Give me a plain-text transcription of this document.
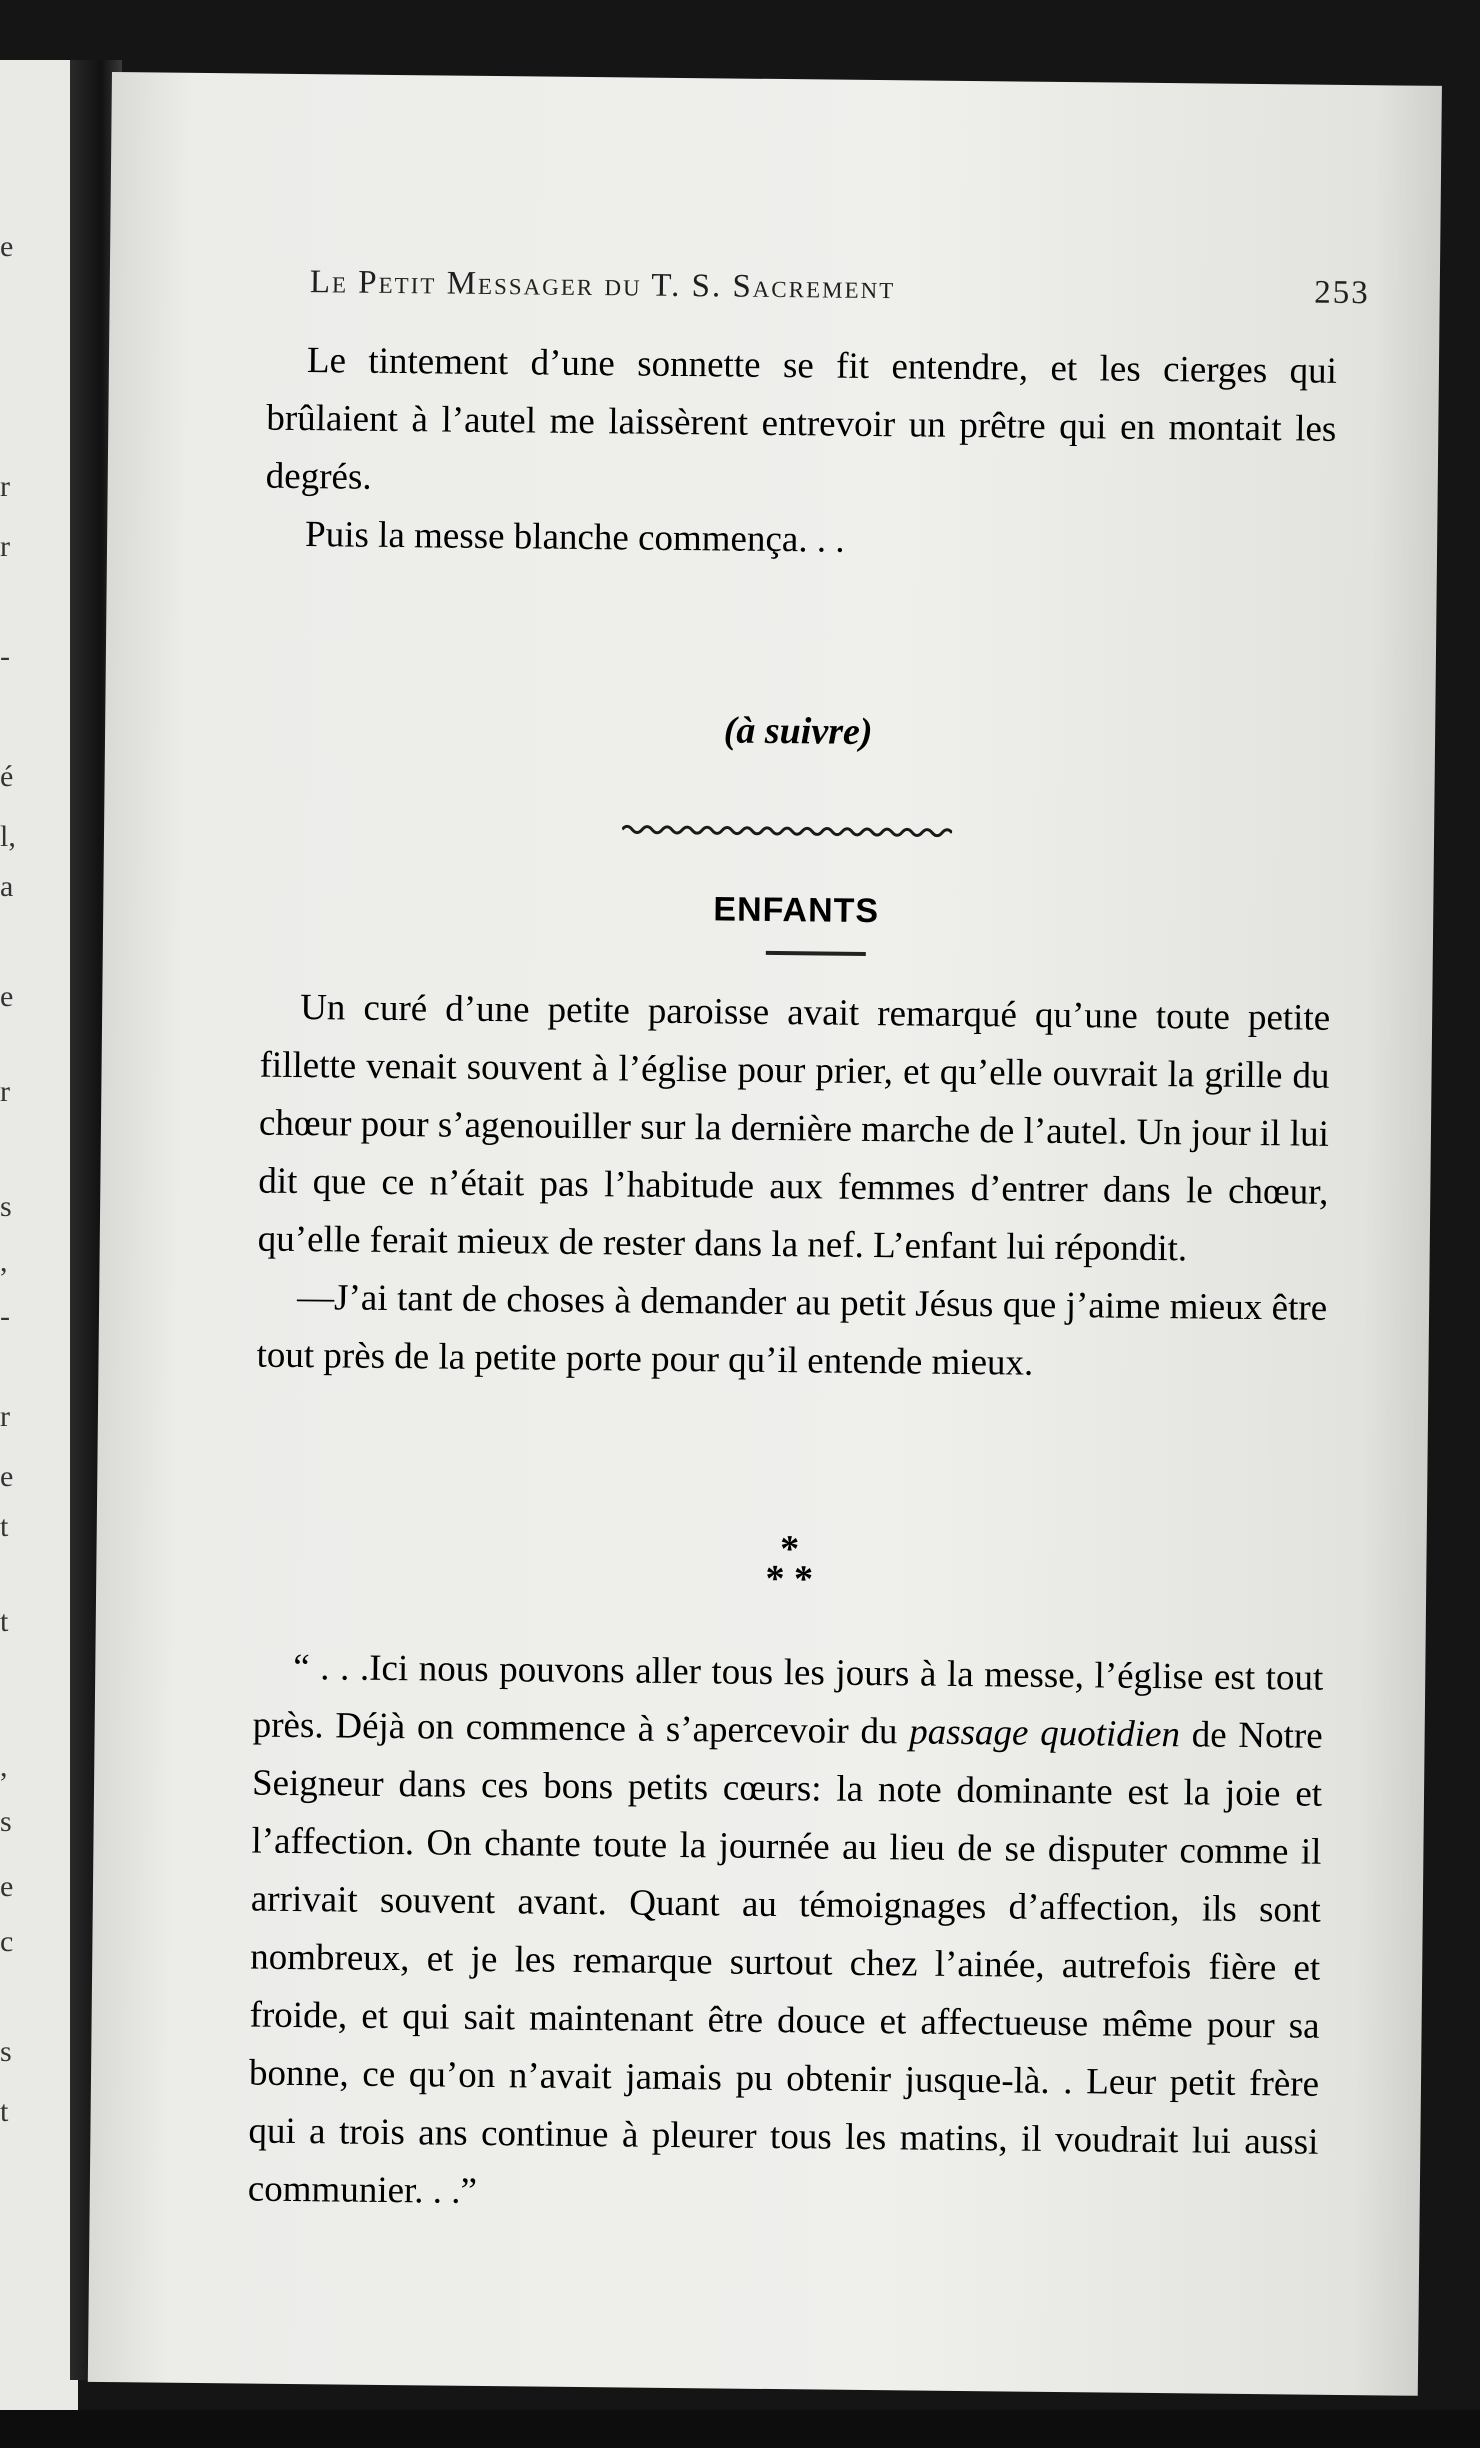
e
r
r
-
é
l,
a
e
r
s
,
-
r
e
t
t
,
s
e
c
s
t
Le Petit Messager du T. S. Sacrement	253

Le tintement d’une sonnette se fit entendre, et les cierges qui brûlaient à l’autel me laissèrent entrevoir un prêtre qui en montait les degrés.

Puis la messe blanche commença. . .

(à suivre)
ENFANTS

Un curé d’une petite paroisse avait remarqué qu’une toute petite fillette venait souvent à l’église pour prier, et qu’elle ouvrait la grille du chœur pour s’agenouiller sur la dernière marche de l’autel. Un jour il lui dit que ce n’était pas l’habitude aux femmes d’entrer dans le chœur, qu’elle ferait mieux de rester dans la nef. L’enfant lui répondit.

—J’ai tant de choses à demander au petit Jésus que j’aime mieux être tout près de la petite porte pour qu’il entende mieux.

*
* *

“ . . .Ici nous pouvons aller tous les jours à la messe, l’église est tout près. Déjà on commence à s’apercevoir du passage quotidien de Notre Seigneur dans ces bons petits cœurs: la note dominante est la joie et l’affection. On chante toute la journée au lieu de se disputer comme il arrivait souvent avant. Quant au témoignages d’affection, ils sont nombreux, et je les remarque surtout chez l’ainée, autrefois fière et froide, et qui sait maintenant être douce et affectueuse même pour sa bonne, ce qu’on n’avait jamais pu obtenir jusque-là. . Leur petit frère qui a trois ans continue à pleurer tous les matins, il voudrait lui aussi communier. . .”
